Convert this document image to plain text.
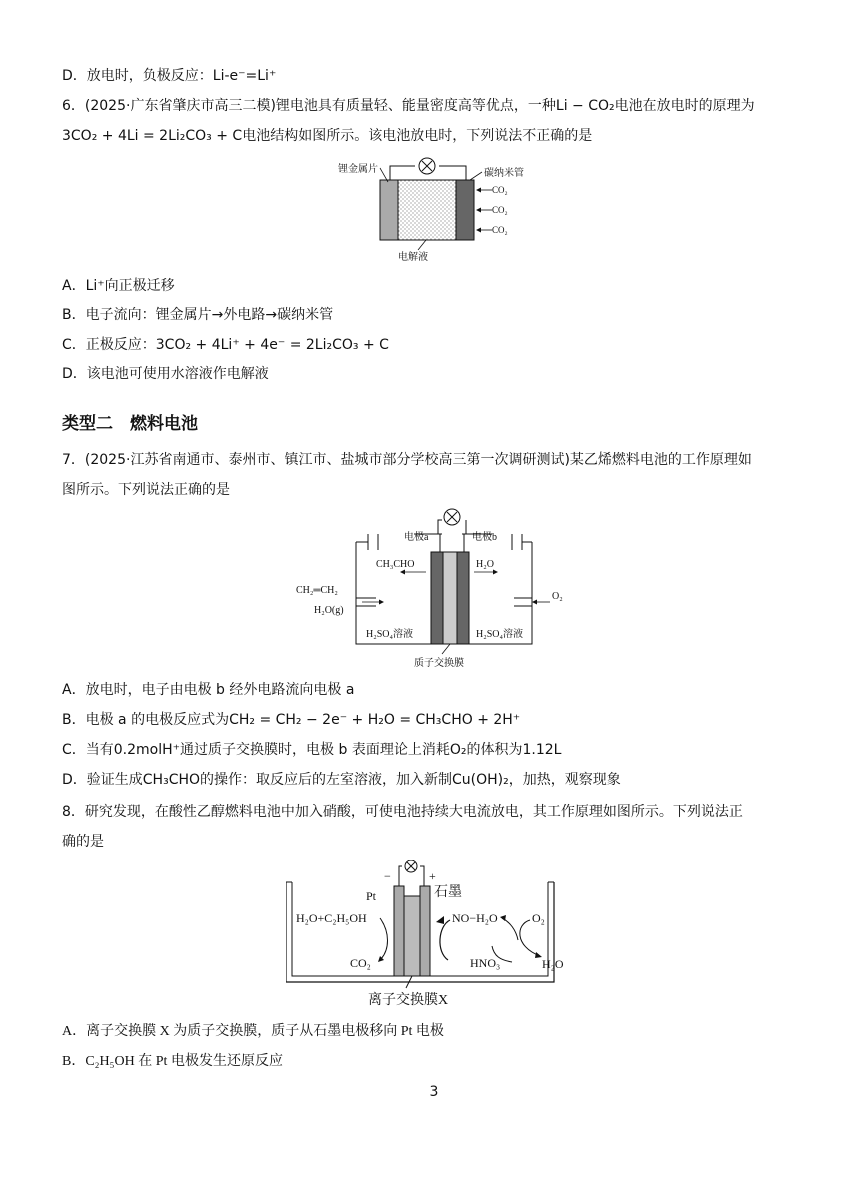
D．放电时，负极反应：Li-e⁻=Li⁺
6．(2025·广东省肇庆市高三二模)锂电池具有质量轻、能量密度高等优点，一种Li − CO₂电池在放电时的原理为
3CO₂ + 4Li = 2Li₂CO₃ + C电池结构如图所示。该电池放电时，下列说法不正确的是
锂金属片	碳纳米管
CO₂
CO₂
CO₂
电解液
A．Li⁺向正极迁移
B．电子流向：锂金属片→外电路→碳纳米管
C．正极反应：3CO₂ + 4Li⁺ + 4e⁻ = 2Li₂CO₃ + C
D．该电池可使用水溶液作电解液
类型二　燃料电池
7．(2025·江苏省南通市、泰州市、镇江市、盐城市部分学校高三第一次调研测试)某乙烯燃料电池的工作原理如
图所示。下列说法正确的是
电极a	电极b
CH₃CHO	H₂O
CH₂═CH₂
H₂O(g)
O₂
H₂SO₄溶液	H₂SO₄溶液
质子交换膜
A．放电时，电子由电极 b 经外电路流向电极 a
B．电极 a 的电极反应式为CH₂ = CH₂ − 2e⁻ + H₂O = CH₃CHO + 2H⁺
C．当有0.2molH⁺通过质子交换膜时，电极 b 表面理论上消耗O₂的体积为1.12L
D．验证生成CH₃CHO的操作：取反应后的左室溶液，加入新制Cu(OH)₂，加热，观察现象
8．研究发现，在酸性乙醇燃料电池中加入硝酸，可使电池持续大电流放电，其工作原理如图所示。下列说法正
确的是
−	+
Pt	石墨
H₂O+C₂H₅OH
CO₂
NO−H₂O
HNO₃
O₂
H₂O
离子交换膜X
A．离子交换膜 X 为质子交换膜，质子从石墨电极移向 Pt 电极
B．C₂H₅OH 在 Pt 电极发生还原反应
3
